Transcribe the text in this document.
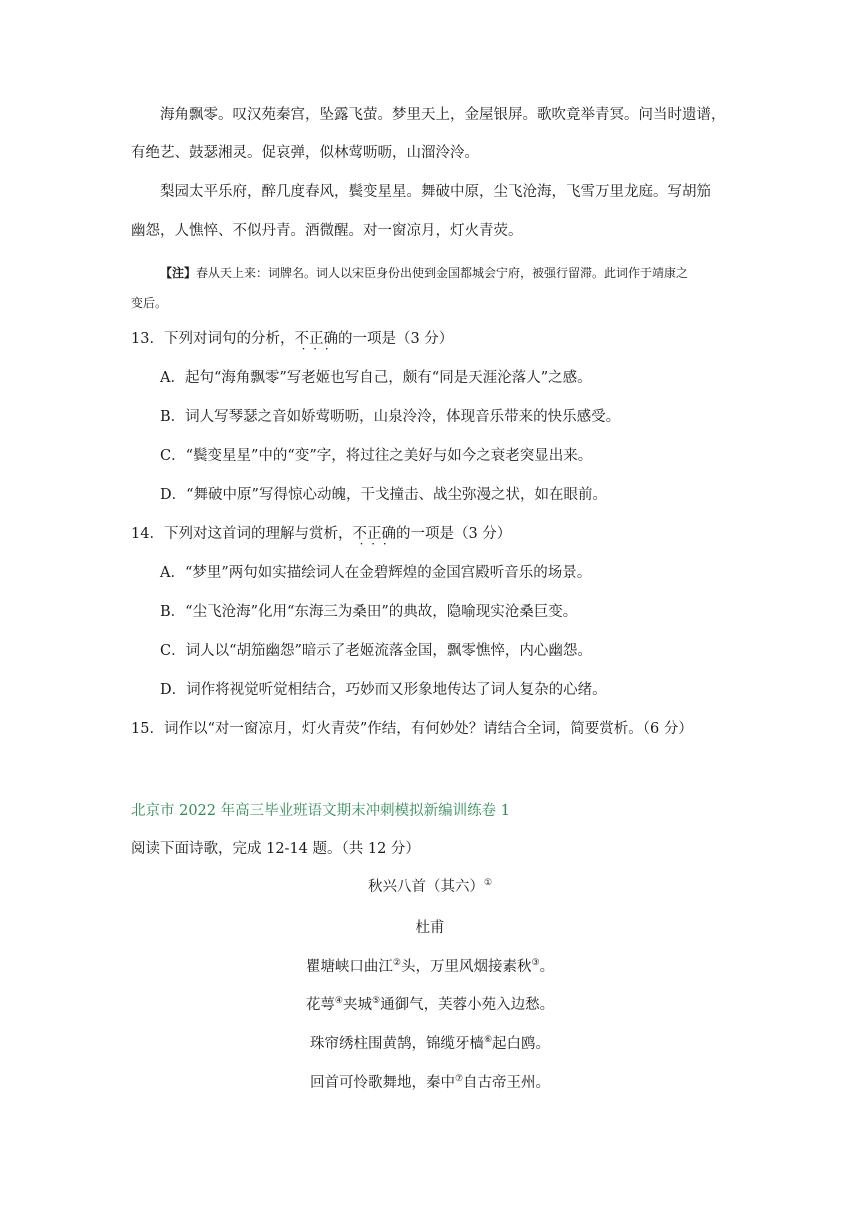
海角飘零。叹汉苑秦宫，坠露飞萤。梦里天上，金屋银屏。歌吹竟举青冥。问当时遗谱，
有绝艺、鼓瑟湘灵。促哀弹，似林莺呖呖，山溜泠泠。
梨园太平乐府，醉几度春风，鬓变星星。舞破中原，尘飞沧海，飞雪万里龙庭。写胡笳
幽怨，人憔悴、不似丹青。酒微醒。对一窗凉月，灯火青荧。
【注】春从天上来：词牌名。词人以宋臣身份出使到金国都城会宁府，被强行留滞。此词作于靖康之
变后。
13．下列对词句的分析，不正确 · · ·的一项是（3 分）
A．起句“海角飘零”写老姬也写自己，颇有“同是天涯沦落人”之感。
B．词人写琴瑟之音如娇莺呖呖，山泉泠泠，体现音乐带来的快乐感受。
C．“鬓变星星”中的“变”字，将过往之美好与如今之衰老突显出来。
D．“舞破中原”写得惊心动魄，干戈撞击、战尘弥漫之状，如在眼前。
14．下列对这首词的理解与赏析，不正确 · · ·的一项是（3 分）
A．“梦里”两句如实描绘词人在金碧辉煌的金国宫殿听音乐的场景。
B．“尘飞沧海”化用“东海三为桑田”的典故，隐喻现实沧桑巨变。
C．词人以“胡笳幽怨”暗示了老姬流落金国，飘零憔悴，内心幽怨。
D．词作将视觉听觉相结合，巧妙而又形象地传达了词人复杂的心绪。
15．词作以“对一窗凉月，灯火青荧”作结，有何妙处？请结合全词，简要赏析。（6 分）
北京市 2022 年高三毕业班语文期末冲刺模拟新编训练卷 1
阅读下面诗歌，完成 12-14 题。（共 12 分）
秋兴八首（其六）①
杜甫
瞿塘峡口曲江②头，万里风烟接素秋③。
花萼④夹城⑤通御气，芙蓉小苑入边愁。
珠帘绣柱围黄鹄，锦缆牙樯⑥起白鸥。
回首可怜歌舞地，秦中⑦自古帝王州。
